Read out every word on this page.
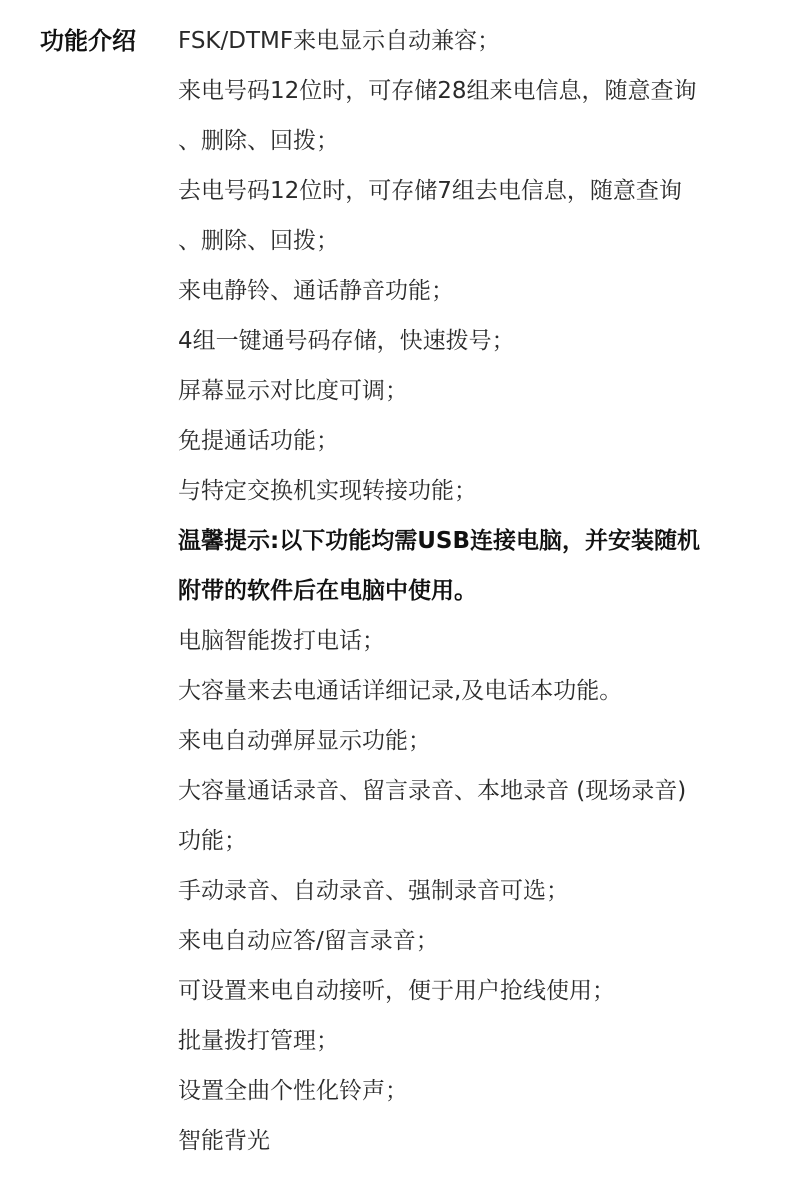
功能介绍 FSK/DTMF来电显示自动兼容；
来电号码12位时，可存储28组来电信息，随意查询
、删除、回拨；
去电号码12位时，可存储7组去电信息，随意查询
、删除、回拨；
来电静铃、通话静音功能；
4组一键通号码存储，快速拨号；
屏幕显示对比度可调；
免提通话功能；
与特定交换机实现转接功能；
温馨提示:以下功能均需USB连接电脑，并安装随机
附带的软件后在电脑中使用。
电脑智能拨打电话；
大容量来去电通话详细记录,及电话本功能。
来电自动弹屏显示功能；
大容量通话录音、留言录音、本地录音 (现场录音)
功能；
手动录音、自动录音、强制录音可选；
来电自动应答/留言录音；
可设置来电自动接听，便于用户抢线使用；
批量拨打管理；
设置全曲个性化铃声；
智能背光
